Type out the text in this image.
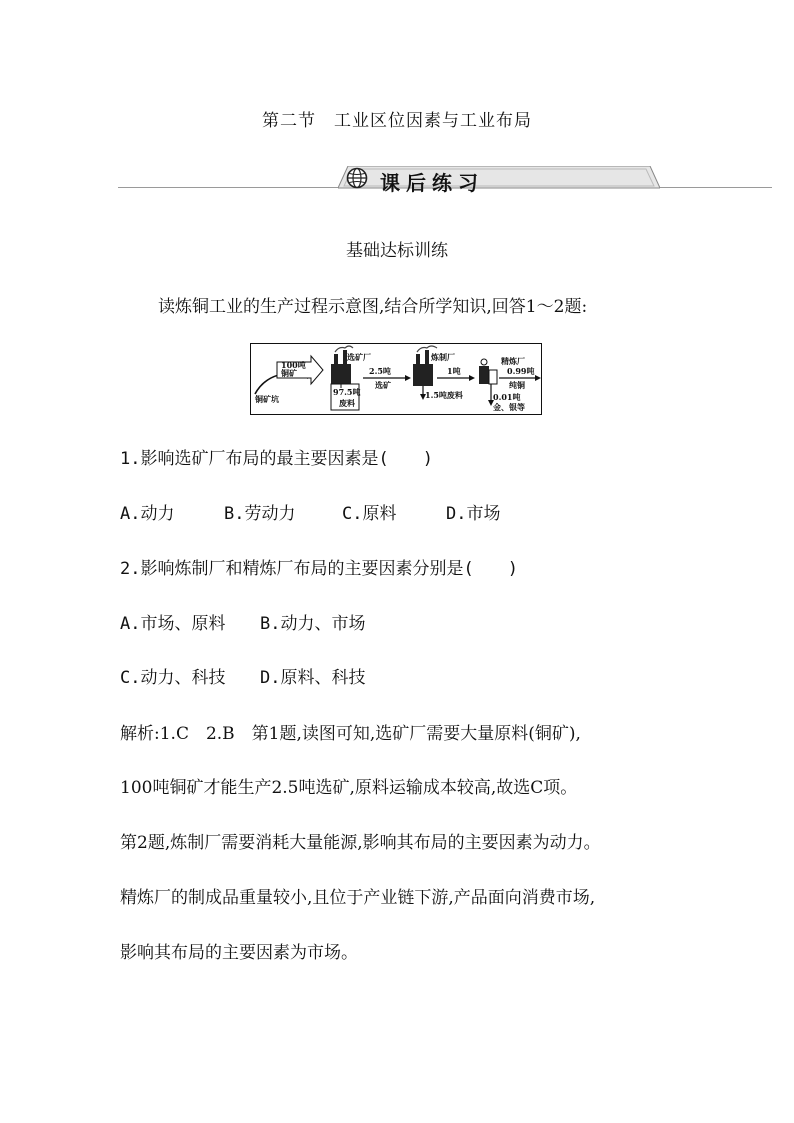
第二节 工业区位因素与工业布局
课后练习
基础达标训练
读炼铜工业的生产过程示意图,结合所学知识,回答1～2题:
100吨
铜矿
铜矿坑
选矿厂
97.5吨
废料
2.5吨
选矿
炼制厂
1吨
1.5吨废料
精炼厂
0.99吨
纯铜
0.01吨
金、银等
1.影响选矿厂布局的最主要因素是(　　)
A.动力	B.劳动力	C.原料	D.市场
2.影响炼制厂和精炼厂布局的主要因素分别是(　　)
A.市场、原料 B.动力、市场
C.动力、科技 D.原料、科技
解析:1.C　2.B　第1题,读图可知,选矿厂需要大量原料(铜矿),
100吨铜矿才能生产2.5吨选矿,原料运输成本较高,故选C项。
第2题,炼制厂需要消耗大量能源,影响其布局的主要因素为动力。
精炼厂的制成品重量较小,且位于产业链下游,产品面向消费市场,
影响其布局的主要因素为市场。
